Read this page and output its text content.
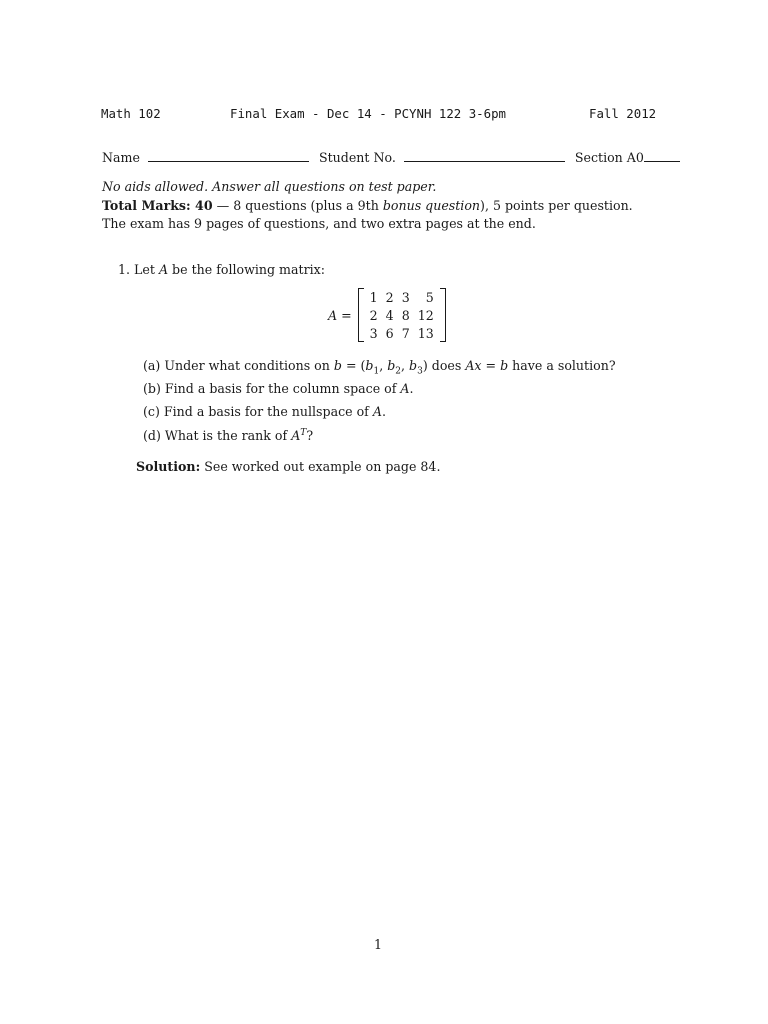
Math 102	Final Exam - Dec 14 - PCYNH 122 3-6pm	Fall 2012
Name	Student No.	Section A0
No aids allowed. Answer all questions on test paper.
Total Marks: 40 — 8 questions (plus a 9th bonus question), 5 points per question.
The exam has 9 pages of questions, and two extra pages at the end.
1. Let A be the following matrix:
A =
1	2	3	5
2	4	8	12
3	6	7	13
(a) Under what conditions on $b = (b_1$, $b_2$, $b_3$) does Ax = b have a solution?
(b) Find a basis for the column space of A.
(c) Find a basis for the nullspace of A.
(d) What is the rank of $A^T$?
Solution: See worked out example on page 84.
1
